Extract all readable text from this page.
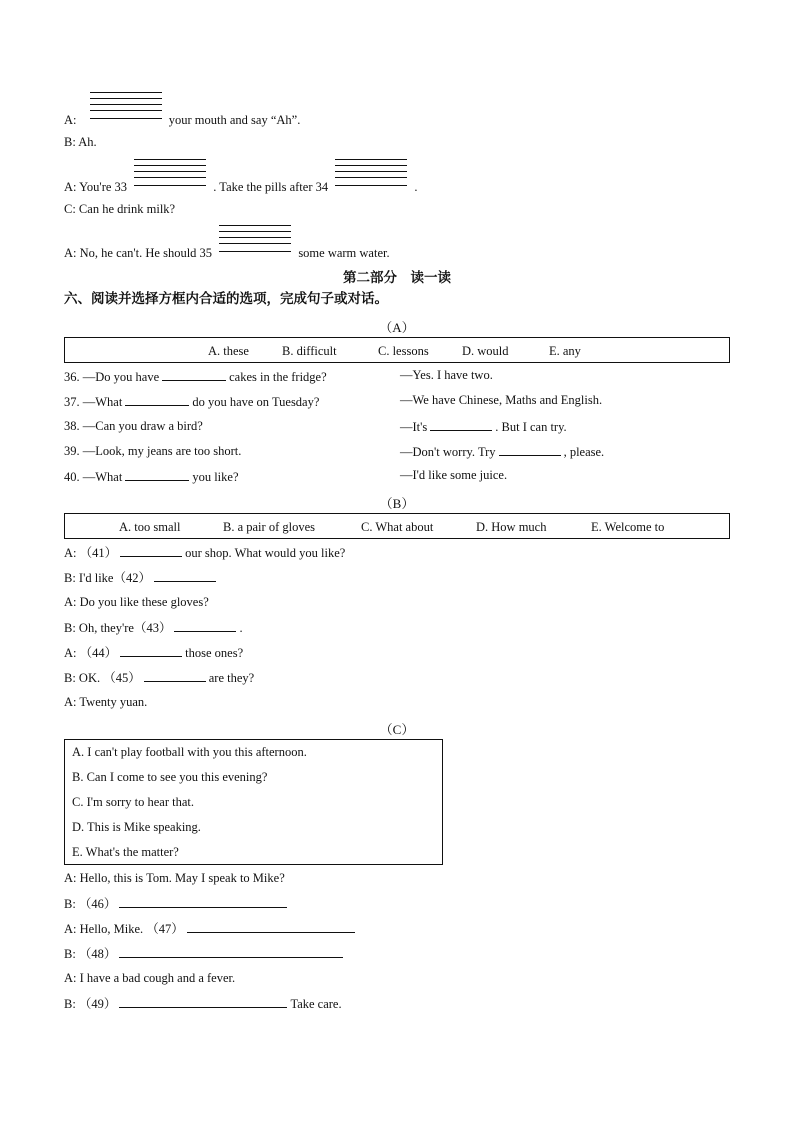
A:	your mouth and say “Ah”.
B: Ah.
A: You're 33	. Take the pills after 34	.
C: Can he drink milk?
A: No, he can't. He should 35	some warm water.
第二部分　读一读
六、阅读并选择方框内合适的选项，完成句子或对话。
（A）
A. these	B. difficult	C. lessons	D. would	E. any
36. —Do you have	cakes in the fridge?	—Yes. I have two.
37. —What	do you have on Tuesday?	—We have Chinese, Maths and English.
38. —Can you draw a bird?	—It's	. But I can try.
39. —Look, my jeans are too short.	—Don't worry. Try	, please.
40. —What	you like?	—I'd like some juice.
（B）
A. too small	B. a pair of gloves	C. What about	D. How much	E. Welcome to
A: （41）	our shop. What would you like?
B: I'd like（42）
A: Do you like these gloves?
B: Oh, they're（43）	.
A: （44）	those ones?
B: OK. （45）	are they?
A: Twenty yuan.
（C）
A. I can't play football with you this afternoon.
B. Can I come to see you this evening?
C. I'm sorry to hear that.
D. This is Mike speaking.
E. What's the matter?
A: Hello, this is Tom. May I speak to Mike?
B: （46）
A: Hello, Mike. （47）
B: （48）
A: I have a bad cough and a fever.
B: （49）	Take care.
